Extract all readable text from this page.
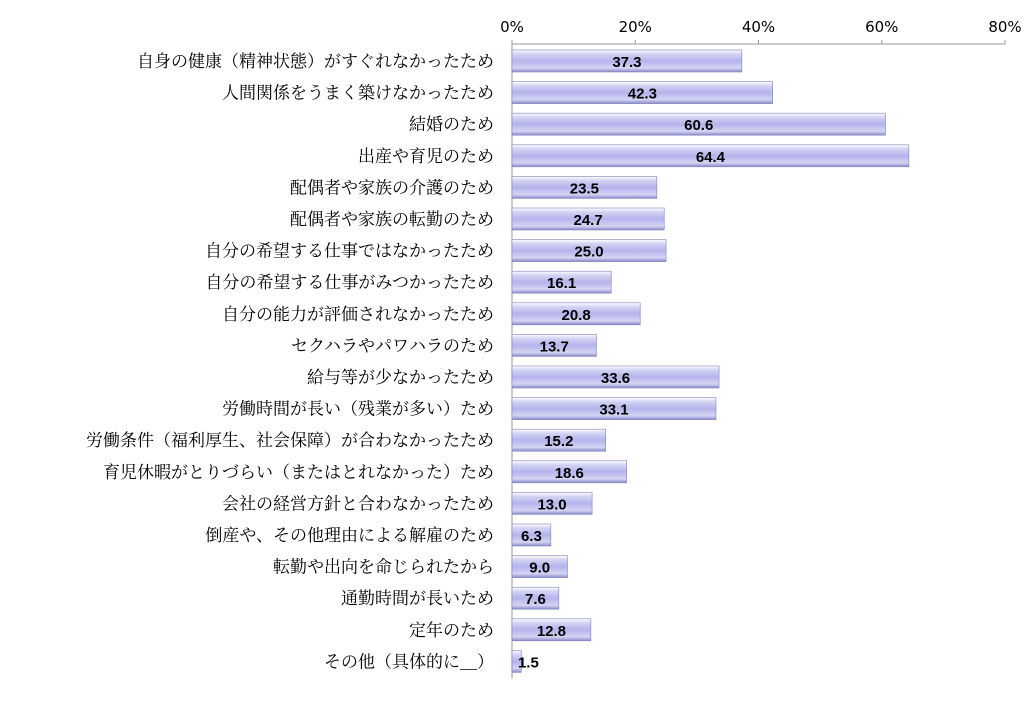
0%	20%	40%	60%	80%
自身の健康（精神状態）がすぐれなかったため	37.3
人間関係をうまく築けなかったため	42.3
結婚のため	60.6
出産や育児のため	64.4
配偶者や家族の介護のため	23.5
配偶者や家族の転勤のため	24.7
自分の希望する仕事ではなかったため	25.0
自分の希望する仕事がみつかったため	16.1
自分の能力が評価されなかったため	20.8
セクハラやパワハラのため	13.7
給与等が少なかったため	33.6
労働時間が長い（残業が多い）ため	33.1
労働条件（福利厚生、社会保障）が合わなかったため	15.2
育児休暇がとりづらい（またはとれなかった）ため	18.6
会社の経営方針と合わなかったため	13.0
倒産や、その他理由による解雇のため 6.3
転勤や出向を命じられたから 9.0
通勤時間が長いため 7.6
定年のため	12.8
その他（具体的に＿） 1.5
